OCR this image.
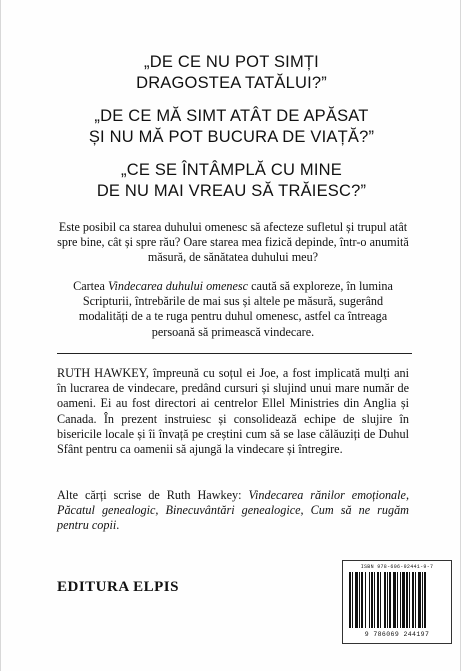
„DE CE NU POT SIMȚI
DRAGOSTEA TATĂLUI?”
„DE CE MĂ SIMT ATÂT DE APĂSAT
ȘI NU MĂ POT BUCURA DE VIAȚĂ?”
„CE SE ÎNTÂMPLĂ CU MINE
DE NU MAI VREAU SĂ TRĂIESC?”

Este posibil ca starea duhului omenesc să afecteze sufletul și trupul atât spre bine, cât și spre rău? Oare starea mea fizică depinde, într-o anumită măsură, de sănătatea duhului meu?

Cartea Vindecarea duhului omenesc caută să exploreze, în lumina Scripturii, întrebările de mai sus și altele pe măsură, sugerând modalități de a te ruga pentru duhul omenesc, astfel ca întreaga persoană să primească vindecare.

RUTH HAWKEY, împreună cu soțul ei Joe, a fost implicată mulți ani în lucrarea de vindecare, predând cursuri și slujind unui mare număr de oameni. Ei au fost directori ai centrelor Ellel Ministries din Anglia și Canada. În prezent instruiesc și consolidează echipe de slujire în bisericile locale și îi învață pe creștini cum să se lase călăuziți de Duhul Sfânt pentru ca oamenii să ajungă la vindecare și întregire.

Alte cărți scrise de Ruth Hawkey: Vindecarea rănilor emoționale, Păcatul genealogic, Binecuvântări genealogice, Cum să ne rugăm pentru copii.

EDITURA ELPIS
ISBN 978-606-92441-9-7
9 786069 244197
